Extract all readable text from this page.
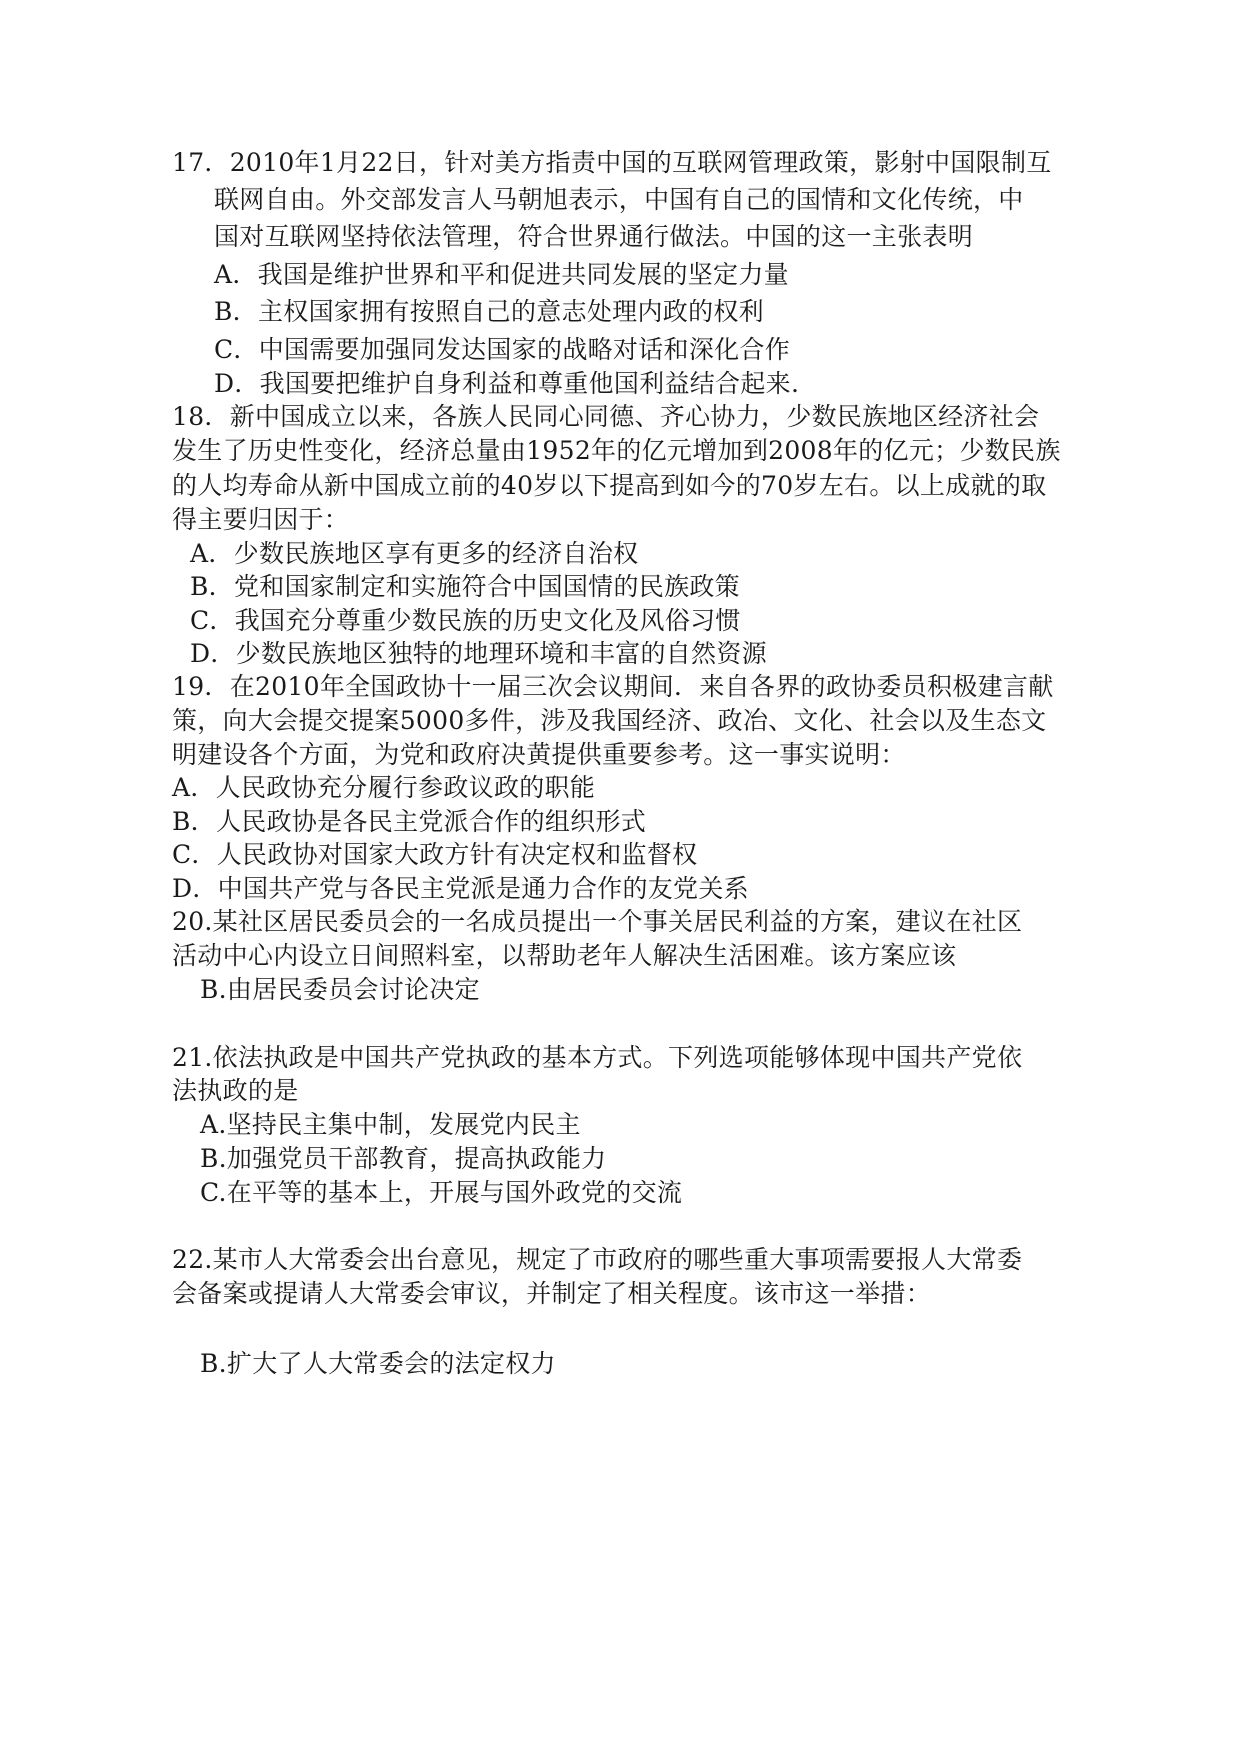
17．2010年1月22日，针对美方指责中国的互联网管理政策，影射中国限制互
联网自由。外交部发言人马朝旭表示，中国有自己的国情和文化传统，中
国对互联网坚持依法管理，符合世界通行做法。中国的这一主张表明
A．我国是维护世界和平和促进共同发展的坚定力量
B．主权国家拥有按照自己的意志处理内政的权利
C．中国需要加强同发达国家的战略对话和深化合作
D．我国要把维护自身利益和尊重他国利益结合起来.
18．新中国成立以来，各族人民同心同德、齐心协力，少数民族地区经济社会
发生了历史性变化，经济总量由1952年的亿元增加到2008年的亿元；少数民族
的人均寿命从新中国成立前的40岁以下提高到如今的70岁左右。以上成就的取
得主要归因于：
A．少数民族地区享有更多的经济自治权
B．党和国家制定和实施符合中国国情的民族政策
C．我国充分尊重少数民族的历史文化及风俗习惯
D．少数民族地区独特的地理环境和丰富的自然资源
19．在2010年全国政协十一届三次会议期间．来自各界的政协委员积极建言献
策，向大会提交提案5000多件，涉及我国经济、政冶、文化、社会以及生态文
明建设各个方面，为党和政府决黄提供重要参考。这一事实说明：
A．人民政协充分履行参政议政的职能
B．人民政协是各民主党派合作的组织形式
C．人民政协对国家大政方针有决定权和监督权
D．中国共产党与各民主党派是通力合作的友党关系
20.某社区居民委员会的一名成员提出一个事关居民利益的方案，建议在社区
活动中心内设立日间照料室，以帮助老年人解决生活困难。该方案应该
B.由居民委员会讨论决定
21.依法执政是中国共产党执政的基本方式。下列选项能够体现中国共产党依
法执政的是
A.坚持民主集中制，发展党内民主
B.加强党员干部教育，提高执政能力
C.在平等的基本上，开展与国外政党的交流
22.某市人大常委会出台意见，规定了市政府的哪些重大事项需要报人大常委
会备案或提请人大常委会审议，并制定了相关程度。该市这一举措：
B.扩大了人大常委会的法定权力
